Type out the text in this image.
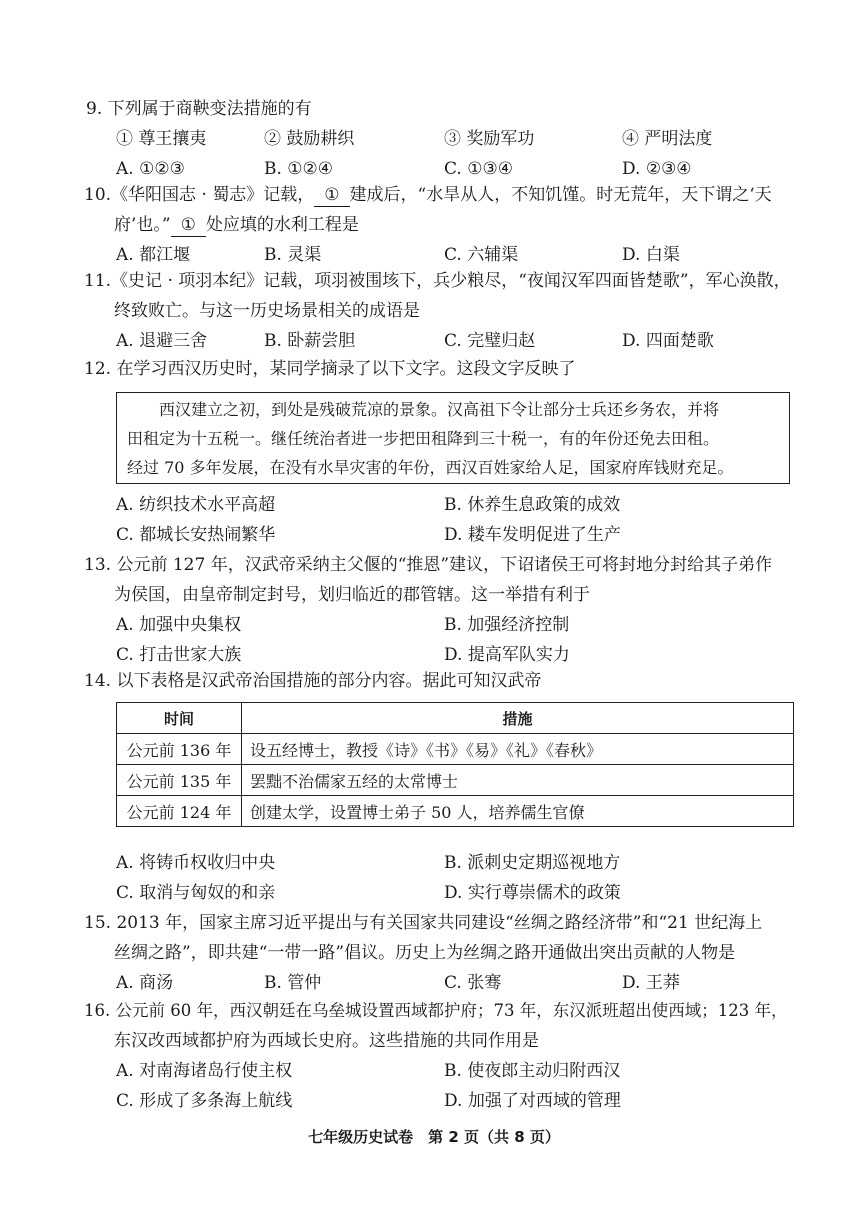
9. 下列属于商鞅变法措施的有
① 尊王攘夷	② 鼓励耕织	③ 奖励军功	④ 严明法度
A. ①②③	B. ①②④	C. ①③④	D. ②③④
10.《华阳国志 · 蜀志》记载， ① 建成后，“水旱从人，不知饥馑。时无荒年，天下谓之‘天
府’也。” ① 处应填的水利工程是
A. 都江堰	B. 灵渠	C. 六辅渠	D. 白渠
11.《史记 · 项羽本纪》记载，项羽被围垓下，兵少粮尽，“夜闻汉军四面皆楚歌”，军心涣散，
终致败亡。与这一历史场景相关的成语是
A. 退避三舍	B. 卧薪尝胆	C. 完璧归赵	D. 四面楚歌
12. 在学习西汉历史时，某同学摘录了以下文字。这段文字反映了
西汉建立之初，到处是残破荒凉的景象。汉高祖下令让部分士兵还乡务农，并将
田租定为十五税一。继任统治者进一步把田租降到三十税一，有的年份还免去田租。
经过 70 多年发展，在没有水旱灾害的年份，西汉百姓家给人足，国家府库钱财充足。
A. 纺织技术水平高超	B. 休养生息政策的成效
C. 都城长安热闹繁华	D. 耧车发明促进了生产
13. 公元前 127 年，汉武帝采纳主父偃的“推恩”建议，下诏诸侯王可将封地分封给其子弟作
为侯国，由皇帝制定封号，划归临近的郡管辖。这一举措有利于
A. 加强中央集权	B. 加强经济控制
C. 打击世家大族	D. 提高军队实力
14. 以下表格是汉武帝治国措施的部分内容。据此可知汉武帝
时间	措施
公元前 136 年	设五经博士，教授《诗》《书》《易》《礼》《春秋》
公元前 135 年	罢黜不治儒家五经的太常博士
公元前 124 年	创建太学，设置博士弟子 50 人，培养儒生官僚
A. 将铸币权收归中央	B. 派刺史定期巡视地方
C. 取消与匈奴的和亲	D. 实行尊崇儒术的政策
15. 2013 年，国家主席习近平提出与有关国家共同建设“丝绸之路经济带”和“21 世纪海上
丝绸之路”，即共建“一带一路”倡议。历史上为丝绸之路开通做出突出贡献的人物是
A. 商汤	B. 管仲	C. 张骞	D. 王莽
16. 公元前 60 年，西汉朝廷在乌垒城设置西域都护府；73 年，东汉派班超出使西域；123 年，
东汉改西域都护府为西域长史府。这些措施的共同作用是
A. 对南海诸岛行使主权	B. 使夜郎主动归附西汉
C. 形成了多条海上航线	D. 加强了对西域的管理
七年级历史试卷　第 2 页（共 8 页）
